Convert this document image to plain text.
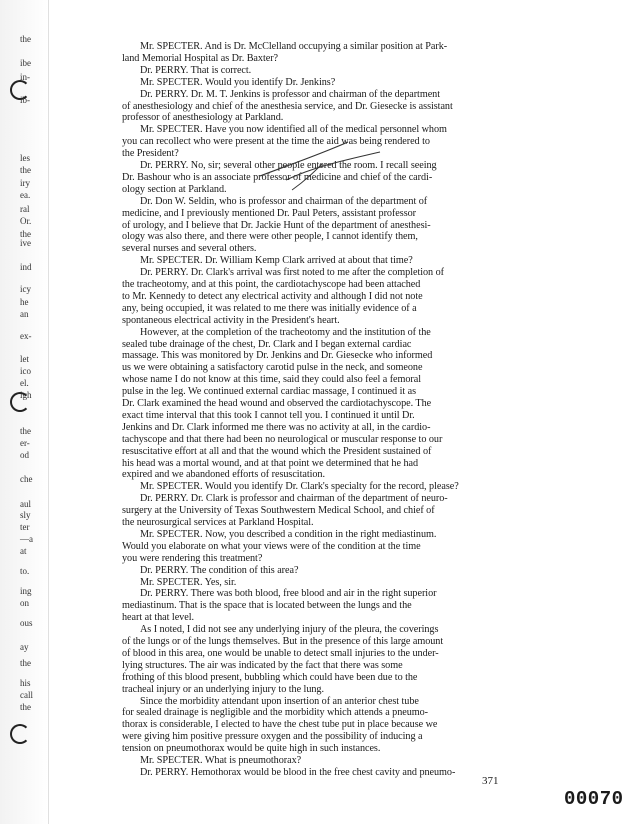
the
ibe
in-
ib-
les
the
iry
ea.
ral
Or.
the
ive
ind
icy
he
an
ex-
let
ico
el.
igh
the
er-
od
che
aul
sly
ter
—a
at
to.
ing
on
ous
ay
the
his
call
the
Mr. SPECTER. And is Dr. McClelland occupying a similar position at Park-
land Memorial Hospital as Dr. Baxter?
Dr. PERRY. That is correct.
Mr. SPECTER. Would you identify Dr. Jenkins?
Dr. PERRY. Dr. M. T. Jenkins is professor and chairman of the department
of anesthesiology and chief of the anesthesia service, and Dr. Giesecke is assistant
professor of anesthesiology at Parkland.
Mr. SPECTER. Have you now identified all of the medical personnel whom
you can recollect who were present at the time the aid was being rendered to
the President?
Dr. PERRY. No, sir; several other people entered the room. I recall seeing
Dr. Bashour who is an associate professor of medicine and chief of the cardi-
ology section at Parkland.
Dr. Don W. Seldin, who is professor and chairman of the department of
medicine, and I previously mentioned Dr. Paul Peters, assistant professor
of urology, and I believe that Dr. Jackie Hunt of the department of anesthesi-
ology was also there, and there were other people, I cannot identify them,
several nurses and several others.
Mr. SPECTER. Dr. William Kemp Clark arrived at about that time?
Dr. PERRY. Dr. Clark's arrival was first noted to me after the completion of
the tracheotomy, and at this point, the cardiotachyscope had been attached
to Mr. Kennedy to detect any electrical activity and although I did not note
any, being occupied, it was related to me there was initially evidence of a
spontaneous electrical activity in the President's heart.
However, at the completion of the tracheotomy and the institution of the
sealed tube drainage of the chest, Dr. Clark and I began external cardiac
massage. This was monitored by Dr. Jenkins and Dr. Giesecke who informed
us we were obtaining a satisfactory carotid pulse in the neck, and someone
whose name I do not know at this time, said they could also feel a femoral
pulse in the leg. We continued external cardiac massage, I continued it as
Dr. Clark examined the head wound and observed the cardiotachyscope. The
exact time interval that this took I cannot tell you. I continued it until Dr.
Jenkins and Dr. Clark informed me there was no activity at all, in the cardio-
tachyscope and that there had been no neurological or muscular response to our
resuscitative effort at all and that the wound which the President sustained of
his head was a mortal wound, and at that point we determined that he had
expired and we abandoned efforts of resuscitation.
Mr. SPECTER. Would you identify Dr. Clark's specialty for the record, please?
Dr. PERRY. Dr. Clark is professor and chairman of the department of neuro-
surgery at the University of Texas Southwestern Medical School, and chief of
the neurosurgical services at Parkland Hospital.
Mr. SPECTER. Now, you described a condition in the right mediastinum.
Would you elaborate on what your views were of the condition at the time
you were rendering this treatment?
Dr. PERRY. The condition of this area?
Mr. SPECTER. Yes, sir.
Dr. PERRY. There was both blood, free blood and air in the right superior
mediastinum. That is the space that is located between the lungs and the
heart at that level.
As I noted, I did not see any underlying injury of the pleura, the coverings
of the lungs or of the lungs themselves. But in the presence of this large amount
of blood in this area, one would be unable to detect small injuries to the under-
lying structures. The air was indicated by the fact that there was some
frothing of this blood present, bubbling which could have been due to the
tracheal injury or an underlying injury to the lung.
Since the morbidity attendant upon insertion of an anterior chest tube
for sealed drainage is negligible and the morbidity which attends a pneumo-
thorax is considerable, I elected to have the chest tube put in place because we
were giving him positive pressure oxygen and the possibility of inducing a
tension on pneumothorax would be quite high in such instances.
Mr. SPECTER. What is pneumothorax?
Dr. PERRY. Hemothorax would be blood in the free chest cavity and pneumo-
371
00070
